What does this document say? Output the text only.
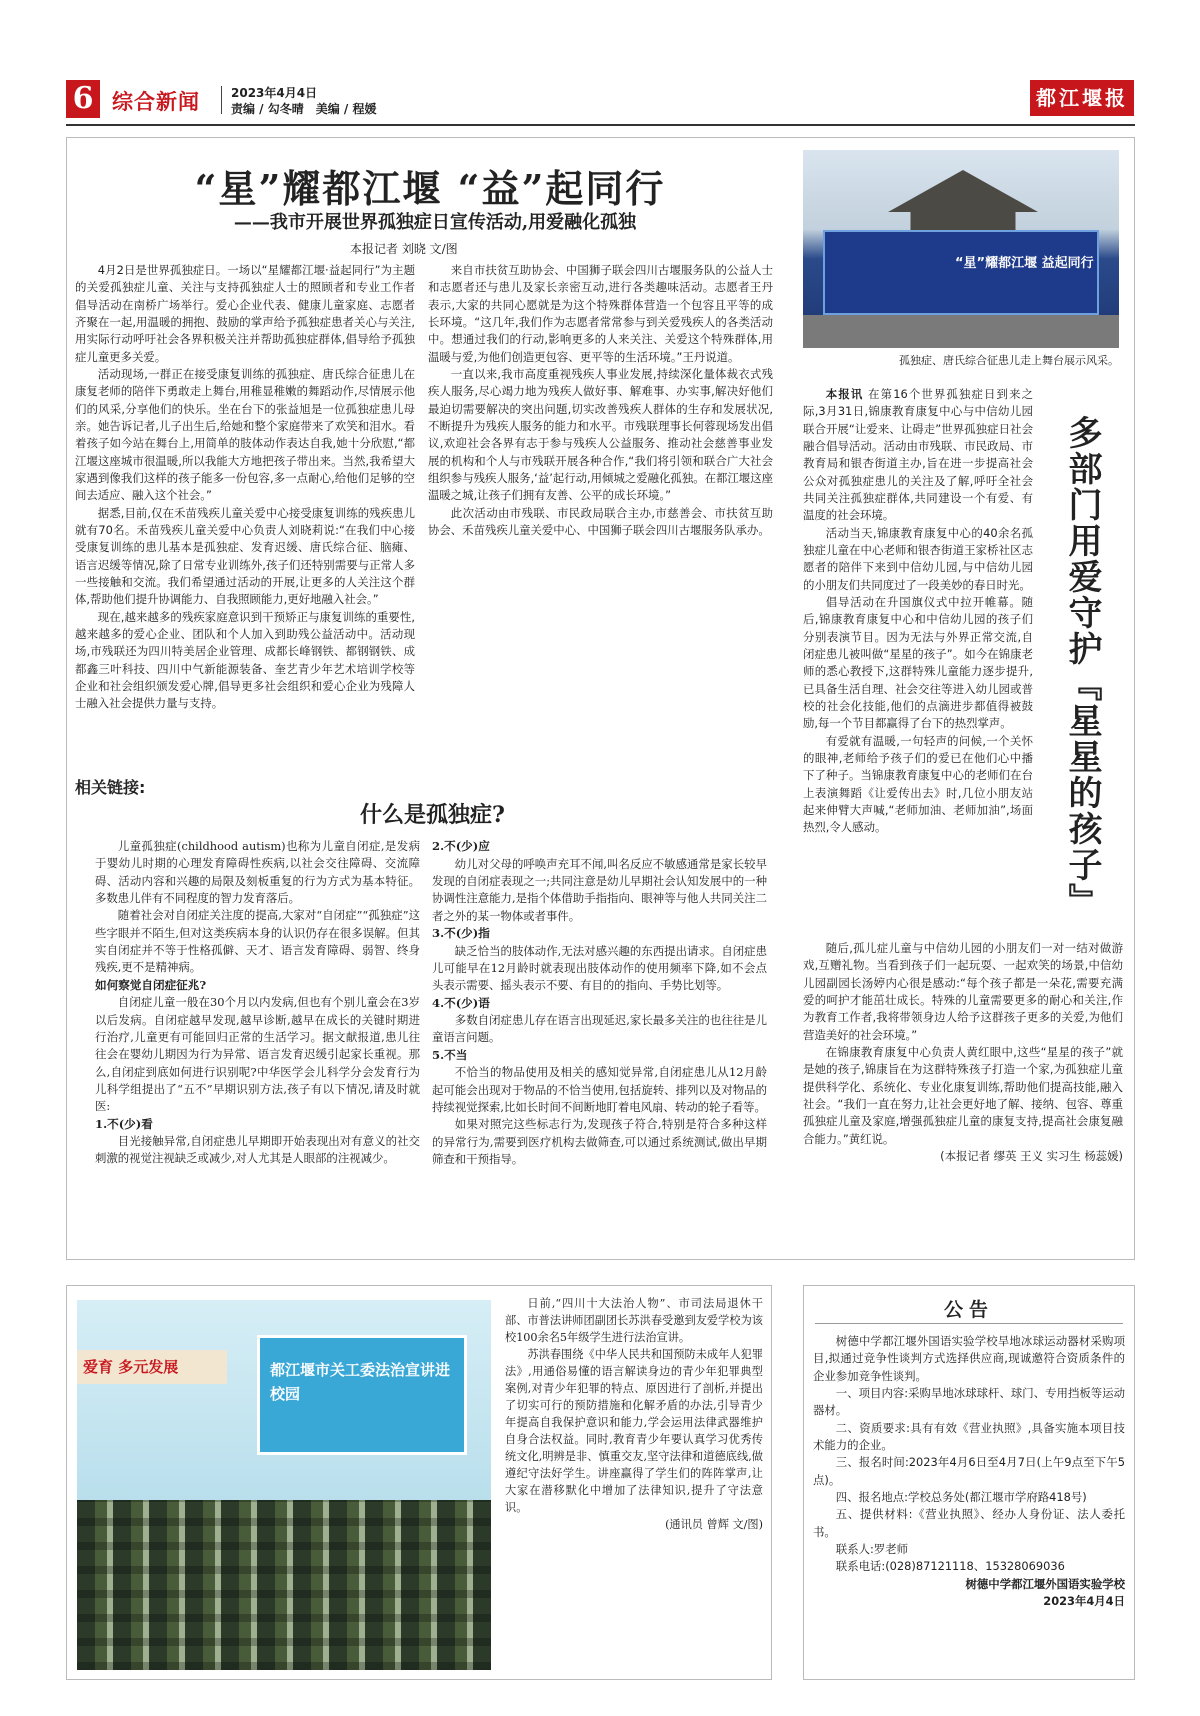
6 综合新闻	2023年4月4日
责编 / 勾冬晴　美编 / 程媛	都江堰报
“星”耀都江堰 “益”起同行
——我市开展世界孤独症日宣传活动,用爱融化孤独
本报记者 刘晓 文/图

4月2日是世界孤独症日。一场以“星耀都江堰·益起同行”为主题的关爱孤独症儿童、关注与支持孤独症人士的照顾者和专业工作者倡导活动在南桥广场举行。爱心企业代表、健康儿童家庭、志愿者齐聚在一起,用温暖的拥抱、鼓励的掌声给予孤独症患者关心与关注,用实际行动呼吁社会各界积极关注并帮助孤独症群体,倡导给予孤独症儿童更多关爱。

活动现场,一群正在接受康复训练的孤独症、唐氏综合征患儿在康复老师的陪伴下勇敢走上舞台,用稚显稚嫩的舞蹈动作,尽情展示他们的风采,分享他们的快乐。坐在台下的张益旭是一位孤独症患儿母亲。她告诉记者,儿子出生后,给她和整个家庭带来了欢笑和泪水。看着孩子如今站在舞台上,用简单的肢体动作表达自我,她十分欣慰,“都江堰这座城市很温暖,所以我能大方地把孩子带出来。当然,我希望大家遇到像我们这样的孩子能多一份包容,多一点耐心,给他们足够的空间去适应、融入这个社会。”

据悉,目前,仅在禾苗残疾儿童关爱中心接受康复训练的残疾患儿就有70名。禾苗残疾儿童关爱中心负责人刘晓莉说:“在我们中心接受康复训练的患儿基本是孤独症、发育迟缓、唐氏综合征、脑瘫、语言迟缓等情况,除了日常专业训练外,孩子们还特别需要与正常人多一些接触和交流。我们希望通过活动的开展,让更多的人关注这个群体,帮助他们提升协调能力、自我照顾能力,更好地融入社会。”

现在,越来越多的残疾家庭意识到干预矫正与康复训练的重要性,越来越多的爱心企业、团队和个人加入到助残公益活动中。活动现场,市残联还为四川特美居企业管理、成都长峰钢铁、都钢钢铁、成都鑫三叶科技、四川中气新能源装备、奎艺青少年艺术培训学校等企业和社会组织颁发爱心牌,倡导更多社会组织和爱心企业为残障人士融入社会提供力量与支持。

来自市扶贫互助协会、中国狮子联会四川古堰服务队的公益人士和志愿者还与患儿及家长亲密互动,进行各类趣味活动。志愿者王丹表示,大家的共同心愿就是为这个特殊群体营造一个包容且平等的成长环境。“这几年,我们作为志愿者常常参与到关爱残疾人的各类活动中。想通过我们的行动,影响更多的人来关注、关爱这个特殊群体,用温暖与爱,为他们创造更包容、更平等的生活环境。”王丹说道。

一直以来,我市高度重视残疾人事业发展,持续深化量体裁衣式残疾人服务,尽心竭力地为残疾人做好事、解难事、办实事,解决好他们最迫切需要解决的突出问题,切实改善残疾人群体的生存和发展状况,不断提升为残疾人服务的能力和水平。市残联理事长何蓉现场发出倡议,欢迎社会各界有志于参与残疾人公益服务、推动社会慈善事业发展的机构和个人与市残联开展各种合作,“我们将引领和联合广大社会组织参与残疾人服务,‘益’起行动,用倾城之爱融化孤独。在都江堰这座温暖之城,让孩子们拥有友善、公平的成长环境。”

此次活动由市残联、市民政局联合主办,市慈善会、市扶贫互助协会、禾苗残疾儿童关爱中心、中国狮子联会四川古堰服务队承办。

“星”耀都江堰 益起同行
孤独症、唐氏综合征患儿走上舞台展示风采。

本报讯 在第16个世界孤独症日到来之际,3月31日,锦康教育康复中心与中信幼儿园联合开展“让爱来、让碍走”世界孤独症日社会融合倡导活动。活动由市残联、市民政局、市教育局和银杏街道主办,旨在进一步提高社会公众对孤独症患儿的关注及了解,呼吁全社会共同关注孤独症群体,共同建设一个有爱、有温度的社会环境。

活动当天,锦康教育康复中心的40余名孤独症儿童在中心老师和银杏街道王家桥社区志愿者的陪伴下来到中信幼儿园,与中信幼儿园的小朋友们共同度过了一段美妙的春日时光。

倡导活动在升国旗仪式中拉开帷幕。随后,锦康教育康复中心和中信幼儿园的孩子们分别表演节目。因为无法与外界正常交流,自闭症患儿被叫做“星星的孩子”。如今在锦康老师的悉心教授下,这群特殊儿童能力逐步提升,已具备生活自理、社会交往等进入幼儿园或普校的社会化技能,他们的点滴进步都值得被鼓励,每一个节目都赢得了台下的热烈掌声。

有爱就有温暖,一句轻声的问候,一个关怀的眼神,老师给予孩子们的爱已在他们心中播下了种子。当锦康教育康复中心的老师们在台上表演舞蹈《让爱传出去》时,几位小朋友站起来伸臂大声喊,“老师加油、老师加油”,场面热烈,令人感动。	多部门用爱守护『星星的孩子』

随后,孤儿症儿童与中信幼儿园的小朋友们一对一结对做游戏,互赠礼物。当看到孩子们一起玩耍、一起欢笑的场景,中信幼儿园副园长汤婷内心很是感动:“每个孩子都是一朵花,需要充满爱的呵护才能茁壮成长。特殊的儿童需要更多的耐心和关注,作为教育工作者,我将带领身边人给予这群孩子更多的关爱,为他们营造美好的社会环境。”

在锦康教育康复中心负责人黄红眼中,这些“星星的孩子”就是她的孩子,锦康旨在为这群特殊孩子打造一个家,为孤独症儿童提供科学化、系统化、专业化康复训练,帮助他们提高技能,融入社会。“我们一直在努力,让社会更好地了解、接纳、包容、尊重孤独症儿童及家庭,增强孤独症儿童的康复支持,提高社会康复融合能力。”黄红说。

(本报记者 缪英 王义 实习生 杨蕊媛)

相关链接:
什么是孤独症?

儿童孤独症(childhood autism)也称为儿童自闭症,是发病于婴幼儿时期的心理发育障碍性疾病,以社会交往障碍、交流障碍、活动内容和兴趣的局限及刻板重复的行为方式为基本特征。多数患儿伴有不同程度的智力发育落后。

随着社会对自闭症关注度的提高,大家对“自闭症”“孤独症”这些字眼并不陌生,但对这类疾病本身的认识仍存在很多误解。但其实自闭症并不等于性格孤僻、天才、语言发育障碍、弱智、终身残疾,更不是精神病。

如何察觉自闭症征兆?

自闭症儿童一般在30个月以内发病,但也有个别儿童会在3岁以后发病。自闭症越早发现,越早诊断,越早在成长的关键时期进行治疗,儿童更有可能回归正常的生活学习。据文献报道,患儿往往会在婴幼儿期因为行为异常、语言发育迟缓引起家长重视。那么,自闭症到底如何进行识别呢?中华医学会儿科学分会发育行为儿科学组提出了“五不”早期识别方法,孩子有以下情况,请及时就医:

1.不(少)看

目光接触异常,自闭症患儿早期即开始表现出对有意义的社交刺激的视觉注视缺乏或减少,对人尤其是人眼部的注视减少。

2.不(少)应

幼儿对父母的呼唤声充耳不闻,叫名反应不敏感通常是家长较早发现的自闭症表现之一;共同注意是幼儿早期社会认知发展中的一种协调性注意能力,是指个体借助手指指向、眼神等与他人共同关注二者之外的某一物体或者事件。

3.不(少)指

缺乏恰当的肢体动作,无法对感兴趣的东西提出请求。自闭症患儿可能早在12月龄时就表现出肢体动作的使用频率下降,如不会点头表示需要、摇头表示不要、有目的的指向、手势比划等。

4.不(少)语

多数自闭症患儿存在语言出现延迟,家长最多关注的也往往是儿童语言问题。

5.不当

不恰当的物品使用及相关的感知觉异常,自闭症患儿从12月龄起可能会出现对于物品的不恰当使用,包括旋转、排列以及对物品的持续视觉探索,比如长时间不间断地盯着电风扇、转动的轮子看等。

如果对照完这些标志行为,发现孩子符合,特别是符合多种这样的异常行为,需要到医疗机构去做筛查,可以通过系统测试,做出早期筛查和干预指导。

爱育 多元发展	都江堰市关工委法治宣讲进校园

日前,“四川十大法治人物”、市司法局退休干部、市普法讲师团副团长苏洪春受邀到友爱学校为该校100余名5年级学生进行法治宣讲。

苏洪春围绕《中华人民共和国预防未成年人犯罪法》,用通俗易懂的语言解读身边的青少年犯罪典型案例,对青少年犯罪的特点、原因进行了剖析,并提出了切实可行的预防措施和化解矛盾的办法,引导青少年提高自我保护意识和能力,学会运用法律武器维护自身合法权益。同时,教育青少年要认真学习优秀传统文化,明辨是非、慎重交友,坚守法律和道德底线,做遵纪守法好学生。讲座赢得了学生们的阵阵掌声,让大家在潜移默化中增加了法律知识,提升了守法意识。

(通讯员 曾辉 文/图)

公告

树德中学都江堰外国语实验学校旱地冰球运动器材采购项目,拟通过竞争性谈判方式选择供应商,现诚邀符合资质条件的企业参加竞争性谈判。

一、项目内容:采购旱地冰球球杆、球门、专用挡板等运动器材。

二、资质要求:具有有效《营业执照》,具备实施本项目技术能力的企业。

三、报名时间:2023年4月6日至4月7日(上午9点至下午5点)。

四、报名地点:学校总务处(都江堰市学府路418号)

五、提供材料:《营业执照》、经办人身份证、法人委托书。

联系人:罗老师

联系电话:(028)87121118、15328069036

树德中学都江堰外国语实验学校

2023年4月4日
